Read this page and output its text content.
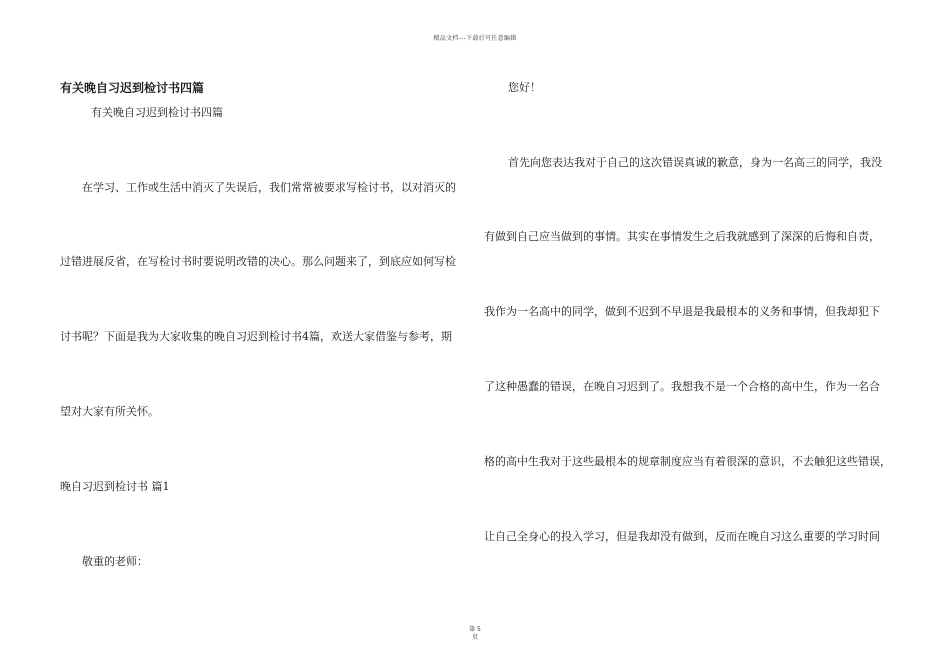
精品文档---下载后可任意编辑
有关晚自习迟到检讨书四篇
有关晚自习迟到检讨书四篇
在学习、工作或生活中消灭了失误后，我们常常被要求写检讨书，以对消灭的
过错进展反省，在写检讨书时要说明改错的决心。那么问题来了，到底应如何写检
讨书呢？下面是我为大家收集的晚自习迟到检讨书4篇，欢送大家借鉴与参考，期
望对大家有所关怀。
晚自习迟到检讨书 篇1
敬重的老师：
您好！
首先向您表达我对于自己的这次错误真诚的歉意，身为一名高三的同学，我没
有做到自己应当做到的事情。其实在事情发生之后我就感到了深深的后悔和自责，
我作为一名高中的同学，做到不迟到不早退是我最根本的义务和事情，但我却犯下
了这种愚蠢的错误，在晚自习迟到了。我想我不是一个合格的高中生，作为一名合
格的高中生我对于这些最根本的规章制度应当有着很深的意识，不去触犯这些错误，
让自己全身心的投入学习，但是我却没有做到，反而在晚自习这么重要的学习时间
第 5
页
